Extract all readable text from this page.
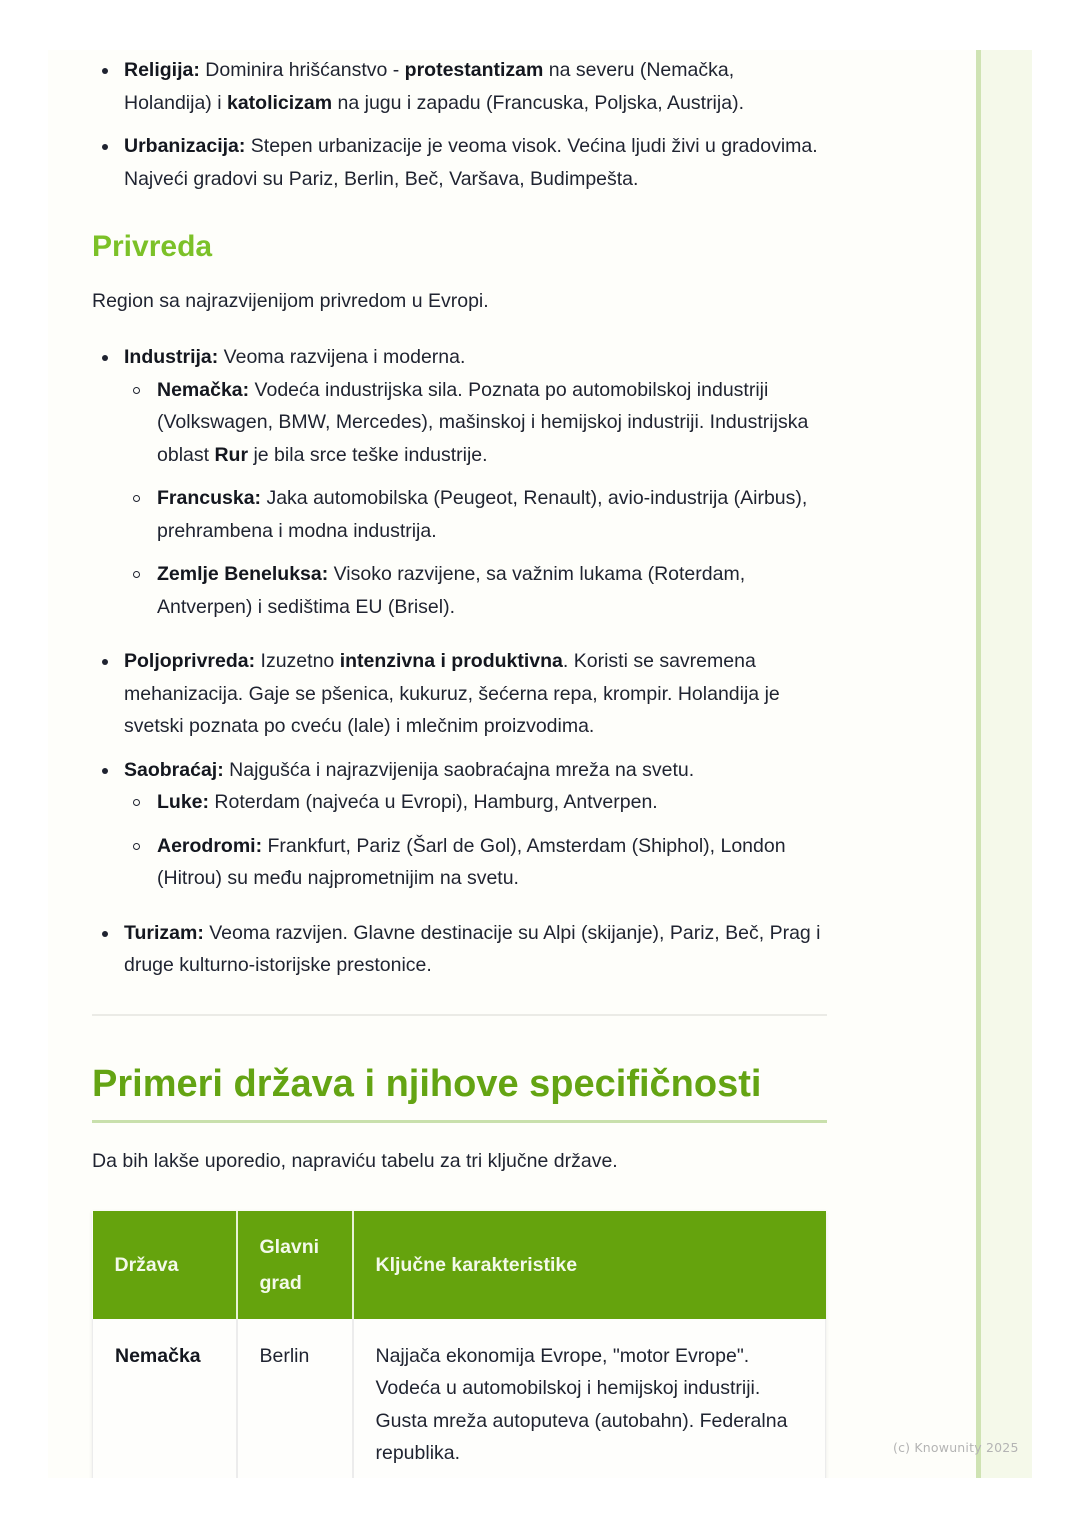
Religija: Dominira hrišćanstvo - protestantizam na severu (Nemačka, Holandija) i katolicizam na jugu i zapadu (Francuska, Poljska, Austrija).
Urbanizacija: Stepen urbanizacije je veoma visok. Većina ljudi živi u gradovima. Najveći gradovi su Pariz, Berlin, Beč, Varšava, Budimpešta.
Privreda

Region sa najrazvijenijom privredom u Evropi.

Industrija: Veoma razvijena i moderna.
Nemačka: Vodeća industrijska sila. Poznata po automobilskoj industriji (Volkswagen, BMW, Mercedes), mašinskoj i hemijskoj industriji. Industrijska oblast Rur je bila srce teške industrije.
Francuska: Jaka automobilska (Peugeot, Renault), avio-industrija (Airbus), prehrambena i modna industrija.
Zemlje Beneluksa: Visoko razvijene, sa važnim lukama (Roterdam, Antverpen) i sedištima EU (Brisel).
Poljoprivreda: Izuzetno intenzivna i produktivna. Koristi se savremena mehanizacija. Gaje se pšenica, kukuruz, šećerna repa, krompir. Holandija je svetski poznata po cveću (lale) i mlečnim proizvodima.
Saobraćaj: Najgušća i najrazvijenija saobraćajna mreža na svetu.
Luke: Roterdam (najveća u Evropi), Hamburg, Antverpen.
Aerodromi: Frankfurt, Pariz (Šarl de Gol), Amsterdam (Shiphol), London (Hitrou) su među najprometnijim na svetu.
Turizam: Veoma razvijen. Glavne destinacije su Alpi (skijanje), Pariz, Beč, Prag i druge kulturno-istorijske prestonice.
Primeri država i njihove specifičnosti

Da bih lakše uporedio, napraviću tabelu za tri ključne države.

Država	Glavni grad	Ključne karakteristike
Nemačka	Berlin	Najjača ekonomija Evrope, "motor Evrope". Vodeća u automobilskoj i hemijskoj industriji. Gusta mreža autoputeva (autobahn). Federalna republika.	(c) Knowunity 2025
